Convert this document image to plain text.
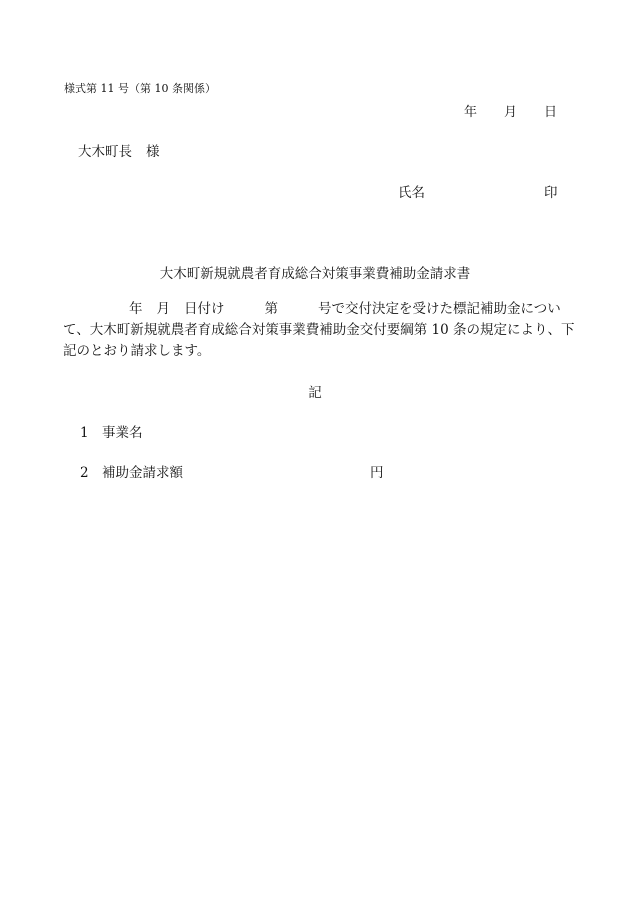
様式第 11 号（第 10 条関係）
年 月 日
大木町長 様
氏名	印
大木町新規就農者育成総合対策事業費補助金請求書
年 月 日付け	第	号で交付決定を受けた標記補助金につい
て、大木町新規就農者育成総合対策事業費補助金交付要綱第 10 条の規定により、下
記のとおり請求します。
記
1 事業名
2 補助金請求額	円
